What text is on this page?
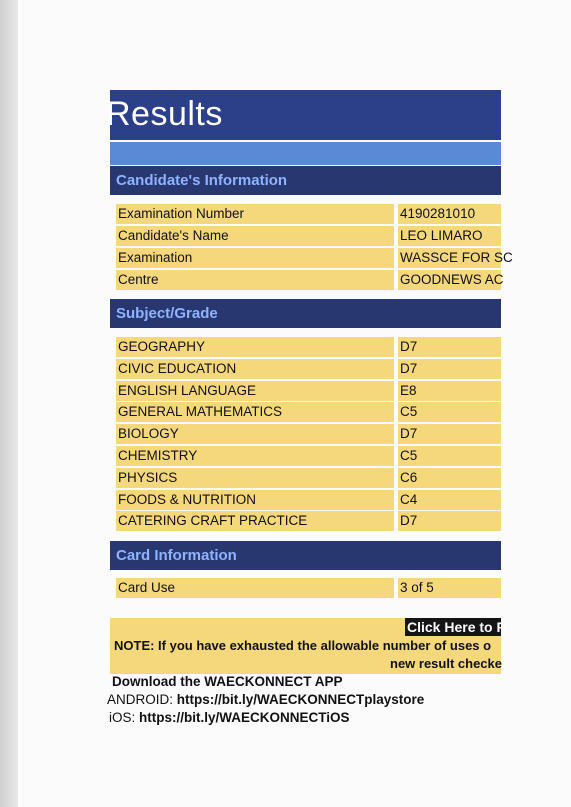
Results
Candidate's Information
Examination Number	4190281010
Candidate's Name	LEO LIMARO
Examination	WASSCE FOR SC
Centre	GOODNEWS AC
Subject/Grade
GEOGRAPHY	D7
CIVIC EDUCATION	D7
ENGLISH LANGUAGE	E8
GENERAL MATHEMATICS	C5
BIOLOGY	D7
CHEMISTRY	C5
PHYSICS	C6
FOODS & NUTRITION	C4
CATERING CRAFT PRACTICE	D7
Card Information
Card Use	3 of 5
Click Here to R
NOTE: If you have exhausted the allowable number of uses o
new result checke
Download the WAECKONNECT APP
ANDROID: https://bit.ly/WAECKONNECTplaystore
iOS: https://bit.ly/WAECKONNECTiOS
